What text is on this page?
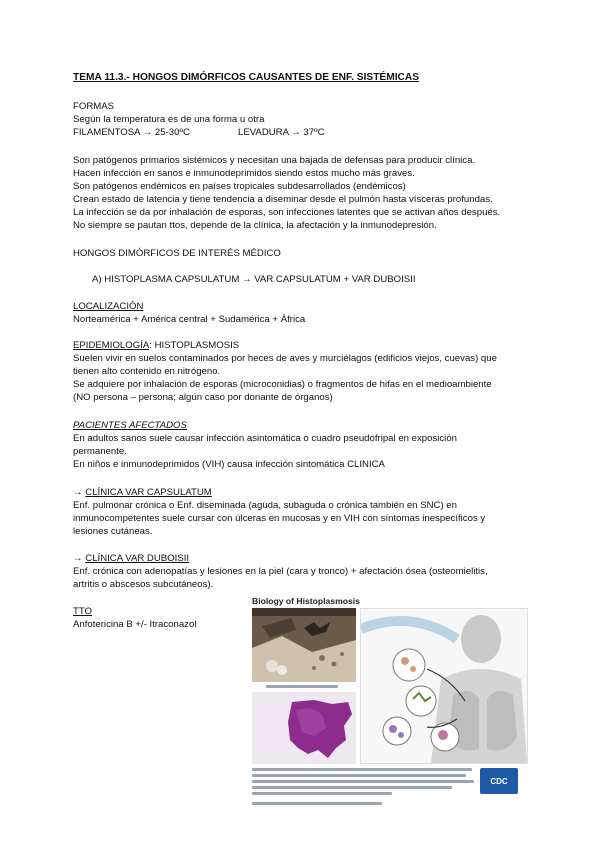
TEMA 11.3.- HONGOS DIMÓRFICOS CAUSANTES DE ENF. SISTÉMICAS
FORMAS
Según la temperatura es de una forma u otra
FILAMENTOSA → 25-30ºC	LEVADURA → 37ºC
Son patógenos primarios sistémicos y necesitan una bajada de defensas para producir clínica.
Hacen infección en sanos e inmunodeprimidos siendo estos mucho más graves.
Son patógenos endémicos en países tropicales subdesarrollados (endémicos)
Crean estado de latencia y tiene tendencia a diseminar desde el pulmón hasta vísceras profundas.
La infección se da por inhalación de esporas, son infecciones latentes que se activan años después.
No siempre se pautan ttos, depende de la clínica, la afectación y la inmunodepresión.
HONGOS DIMÓRFICOS DE INTERÉS MÉDICO
A) HISTOPLASMA CAPSULATUM → VAR CAPSULATUM + VAR DUBOISII
LOCALIZACIÓN
Norteamérica + América central + Sudamérica + África
EPIDEMIOLOGÍA: HISTOPLASMOSIS
Suelen vivir en suelos contaminados por heces de aves y murciélagos (edificios viejos, cuevas) que
tienen alto contenido en nitrógeno.
Se adquiere por inhalación de esporas (microconidias) o fragmentos de hifas en el medioambiente
(NO persona – persona; algún caso por donante de órganos)
PACIENTES AFECTADOS
En adultos sanos suele causar infección asintomática o cuadro pseudofripal en exposición
permanente.
En niños e inmunodeprimidos (VIH) causa infección sintomática CLINICA
→ CLÍNICA VAR CAPSULATUM
Enf. pulmonar crónica o Enf. diseminada (aguda, subaguda o crónica también en SNC) en
inmunocompetentes suele cursar con úlceras en mucosas y en VIH con síntomas inespecíficos y
lesiones cutáneas.
→ CLÍNICA VAR DUBOISII
Enf. crónica con adenopatías y lesiones en la piel (cara y tronco) + afectación ósea (osteomielitis,
artritis o abscesos subcutáneos).
TTO
Anfotericina B +/- Itraconazol
Biology of Histoplasmosis
CDC
